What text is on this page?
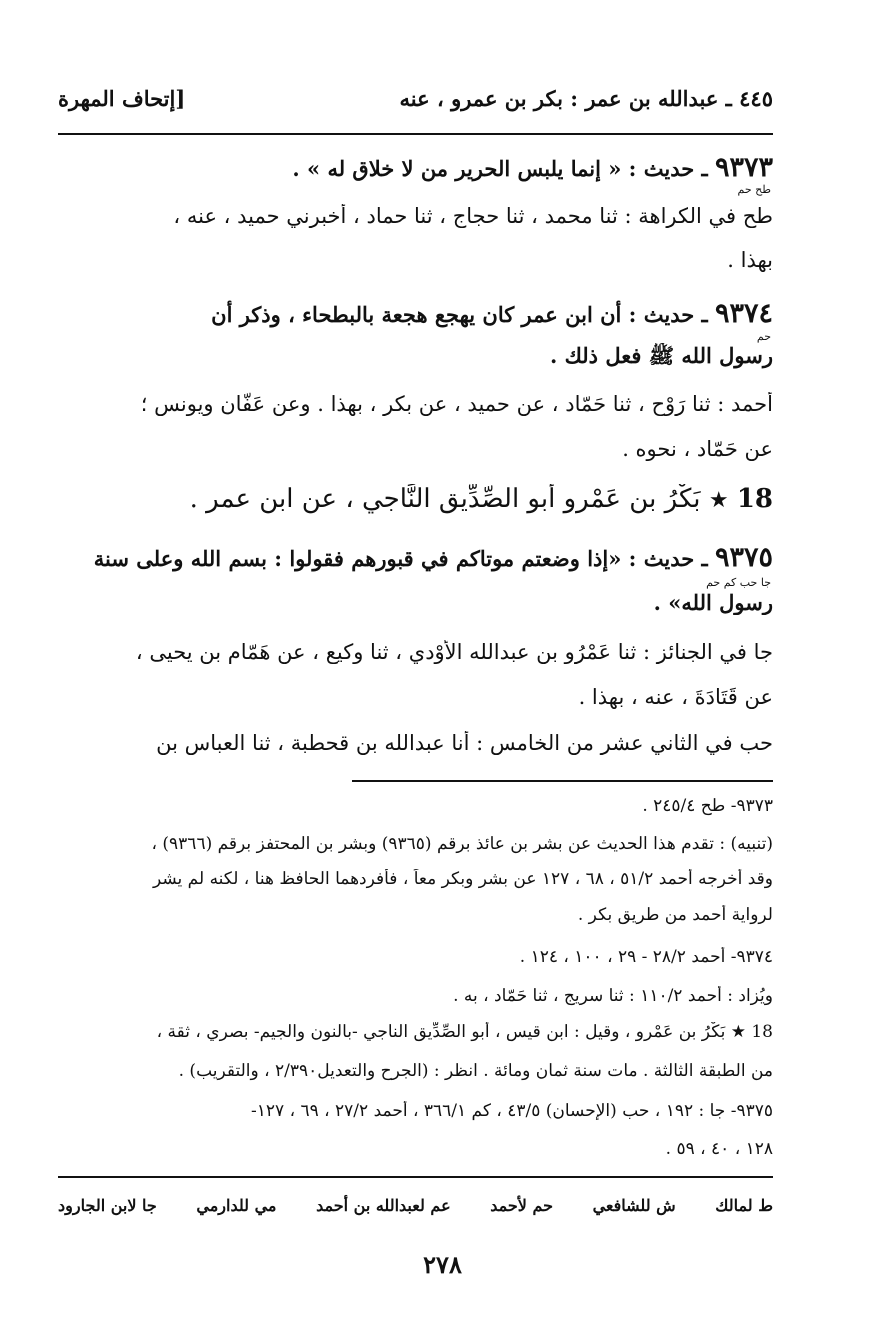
٤٤٥ ـ عبدالله بن عمر : بكر بن عمرو ، عنه
[إتحاف المهرة
٩٣٧٣ ـ حديث : « إنما يلبس الحرير من لا خلاق له » .
طح حم
طح في الكراهة : ثنا محمد ، ثنا حجاج ، ثنا حماد ، أخبرني حميد ، عنه ،
بهذا .
٩٣٧٤ ـ حديث : أن ابن عمر كان يهجع هجعة بالبطحاء ، وذكر أن
حم
رسول الله ﷺ فعل ذلك .
أحمد : ثنا رَوْح ، ثنا حَمّاد ، عن حميد ، عن بكر ، بهذا . وعن عَفّان ويونس ؛
عن حَمّاد ، نحوه .
18 ★ بَكْرُ بن عَمْرو أبو الصِّدِّيقِ النَّاجي ، عن ابن عمر .
٩٣٧٥ ـ حديث : «إذا وضعتم موتاكم في قبورهم فقولوا : بسم الله وعلى سنة
جا حب كم حم
رسول الله» .
جا في الجنائز : ثنا عَمْرُو بن عبدالله الأَوْدي ، ثنا وكيع ، عن هَمّام بن يحيى ،
عن قَتَادَةَ ، عنه ، بهذا .
حب في الثاني عشر من الخامس : أنا عبدالله بن قحطبة ، ثنا العباس بن
٩٣٧٣- طح ٢٤٥/٤ .
(تنبيه) : تقدم هذا الحديث عن بشر بن عائذ برقم (٩٣٦٥) وبشر بن المحتفز برقم (٩٣٦٦) ،
وقد أخرجه أحمد ٥١/٢ ، ٦٨ ، ١٢٧ عن بشر وبكر معاً ، فأفردهما الحافظ هنا ، لكنه لم يشر
لرواية أحمد من طريق بكر .
٩٣٧٤- أحمد ٢٨/٢ - ٢٩ ، ١٠٠ ، ١٢٤ .
ويُزاد : أحمد ١١٠/٢ : ثنا سريج ، ثنا حَمّاد ، به .
18 ★ بَكْرُ بن عَمْرو ، وقيل : ابن قيس ، أبو الصِّدِّيق الناجي -بالنون والجيم- بصري ، ثقة ،
من الطبقة الثالثة . مات سنة ثمان ومائة . انظر : (الجرح والتعديل٢/٣٩٠ ، والتقريب) .
٩٣٧٥- جا : ١٩٢ ، حب (الإحسان) ٤٣/٥ ، كم ٣٦٦/١ ، أحمد ٢٧/٢ ، ٦٩ ، ١٢٧-
١٢٨ ، ٤٠ ، ٥٩ .
ط لمالك
ش للشافعي
حم لأحمد
عم لعبدالله بن أحمد
مي للدارمي
جا لابن الجارود
٢٧٨
